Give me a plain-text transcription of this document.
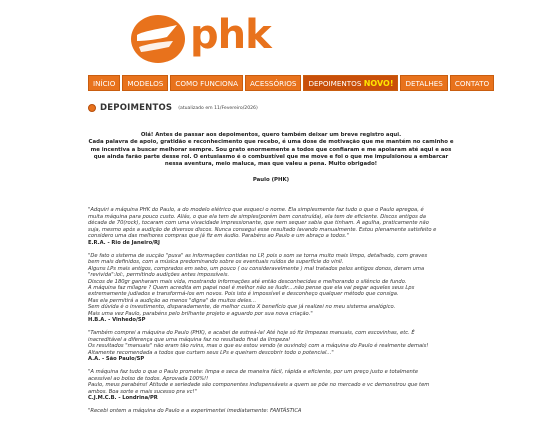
phk
INÍCIO	MODELOS	COMO FUNCIONA	ACESSÓRIOS	DEPOIMENTOS NOVO!	DETALHES	CONTATO
DEPOIMENTOS (atualizado em 11/Fevereiro/2026)
Olá! Antes de passar aos depoimentos, quero também deixar um breve registro aqui.
Cada palavra de apoio, gratidão e reconhecimento que recebo, é uma dose de motivação que me mantém no caminho e
me incentiva a buscar melhorar sempre. Sou grato enormemente a todos que confiaram e me apoiaram até aqui e aos
que ainda farão parte desse rol. O entusiasmo é o combustível que me move e foi o que me impulsionou a embarcar
nessa aventura, meio maluca, mas que valeu a pena. Muito obrigado!
Paulo (PHK)
"Adquiri a máquina PHK do Paulo, a do modelo elétrico que esqueci o nome. Ela simplesmente faz tudo o que o Paulo apregoa, é
muita máquina para pouco custo. Aliás, o que ela tem de simples(porém bem construída), ela tem de eficiente. Discos antigos da
década de 70(rock), tocaram com uma vivacidade impressionante, que nem sequer sabia que tinham. A agulha, praticamente não
suja, mesmo após a audição de diversos discos. Nunca consegui esse resultado lavando manualmente. Estou plenamente satisfeito e
considero uma das melhores compras que já fiz em áudio. Parabéns ao Paulo e um abraço a todos."
E.R.A. - Rio de Janeiro/RJ
"De fato o sistema de sucção "puxa" as informações contidas no LP, pois o som se torna muito mais limpo, detalhado, com graves
bem mais definidos, com a música predominando sobre os eventuais ruídos de superfície do vinil.
Alguns LPs mais antigos, comprados em sebo, um pouco ( ou consideravelmente ) mal tratados pelos antigos donos, deram uma
"revivida":lol:, permitindo audições antes impossíveis.
Discos de 180gr ganharam mais vida, mostrando informações até então desconhecidas e melhorando o silêncio de fundo.
A máquina faz milagre ? Quem acredita em papai noel é melhor não se iludir....não pense que ela vai pegar aqueles seus Lps
extremamente judiados e transformá-los em novos. Pois isto é impossível e desconheço qualquer método que consiga.
Mas ela permitirá a audição ao menos "digna" de muitos deles...
Sem dúvida é o investimento, disparadamente, de melhor custo X benefício que já realizei no meu sistema analógico.
Mais uma vez Paulo, parabéns pelo brilhante projeto e aguardo por sua nova criação."
H.B.A. - Vinhedo/SP
"Também comprei a máquina do Paulo (PHK), e acabei de estreá-la! Até hoje só fiz limpezas manuais, com escovinhas, etc. É
inacreditável a diferença que uma máquina faz no resultado final da limpeza!
Os resultados "manuais" não eram tão ruins, mas o que eu estou vendo (e ouvindo) com a máquina do Paulo é realmente demais!
Altamente recomendada a todos que curtam seus LPs e queiram descobrir todo o potencial..."
A.A. - São Paulo/SP
"A máquina faz tudo o que o Paulo promete: limpa e seca de maneira fácil, rápida e eficiente, por um preço justo e totalmente
acessível ao bolso de todos. Aprovada 100%!!
Paulo, meus parabéns! Atitude e seriedade são componentes indispensáveis a quem se põe no mercado e vc demonstrou que tem
ambos. Boa sorte e mais sucesso pra vc!"
C.J.M.C.B. - Londrina/PR
"Recebi ontem a máquina do Paulo e a experimentei imediatamente: FANTÁSTICA
